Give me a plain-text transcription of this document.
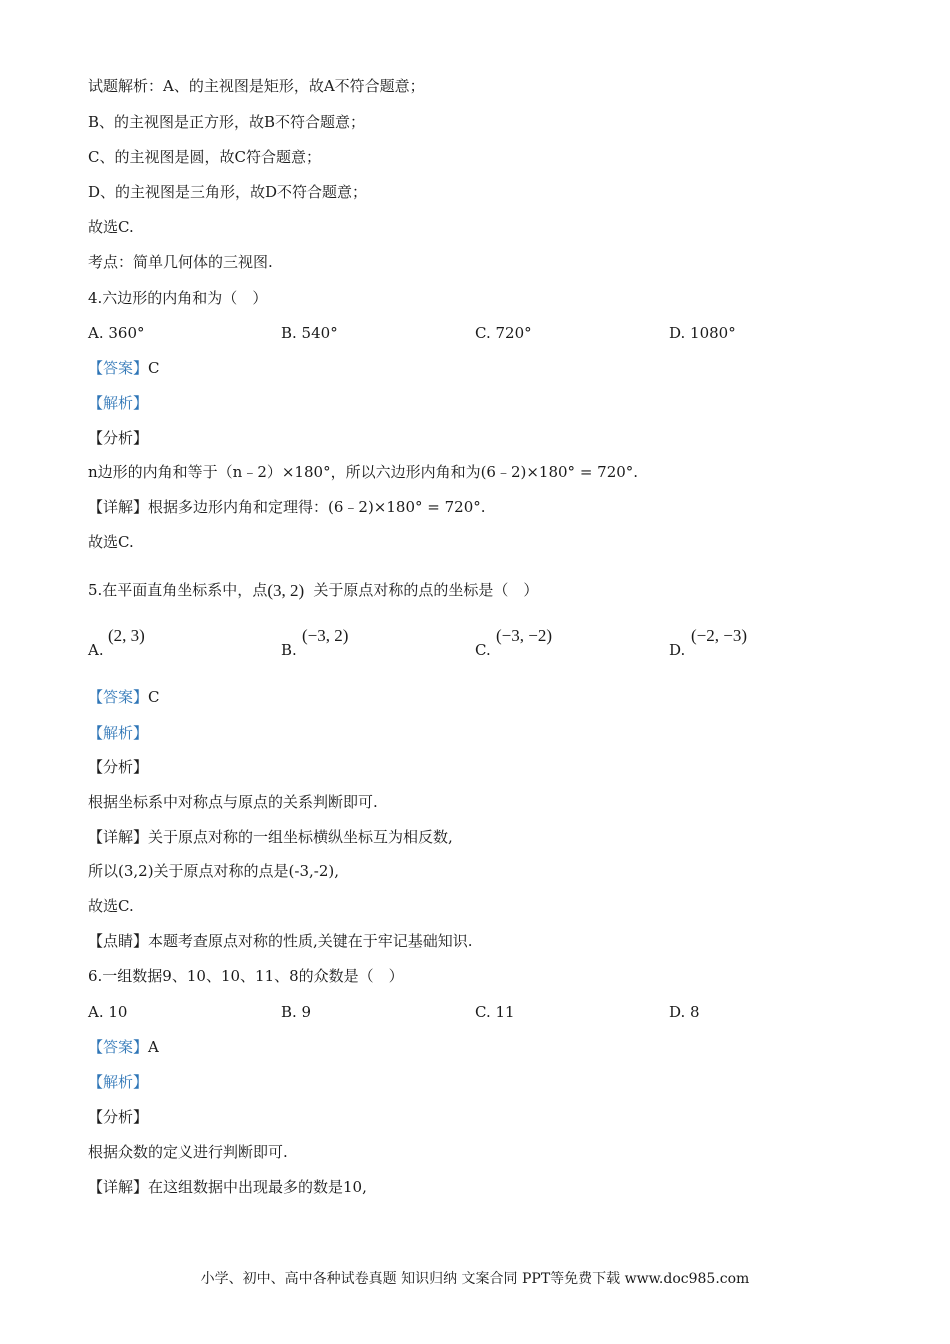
试题解析：A、的主视图是矩形，故A不符合题意；
B、的主视图是正方形，故B不符合题意；
C、的主视图是圆，故C符合题意；
D、的主视图是三角形，故D不符合题意；
故选C.
考点：简单几何体的三视图.
4.六边形的内角和为（　）
A. 360°	B. 540°	C. 720°	D. 1080°
【答案】C
【解析】
【分析】
n边形的内角和等于（n﹣2）×180°，所以六边形内角和为(6﹣2)×180° = 720°.
【详解】根据多边形内角和定理得：(6﹣2)×180° = 720°.
故选C.
5.在平面直角坐标系中，点 (3, 2) 关于原点对称的点的坐标是（　）
A.
(2, 3)
B.
(−3, 2)
C.
(−3, −2)
D.
(−2, −3)
【答案】C
【解析】
【分析】
根据坐标系中对称点与原点的关系判断即可.
【详解】关于原点对称的一组坐标横纵坐标互为相反数,
所以(3,2)关于原点对称的点是(-3,-2),
故选C.
【点睛】本题考查原点对称的性质,关键在于牢记基础知识.
6.一组数据9、10、10、11、8的众数是（　）
A. 10	B. 9	C. 11	D. 8
【答案】A
【解析】
【分析】
根据众数的定义进行判断即可.
【详解】在这组数据中出现最多的数是10,
小学、初中、高中各种试卷真题 知识归纳 文案合同 PPT等免费下载 www.doc985.com
